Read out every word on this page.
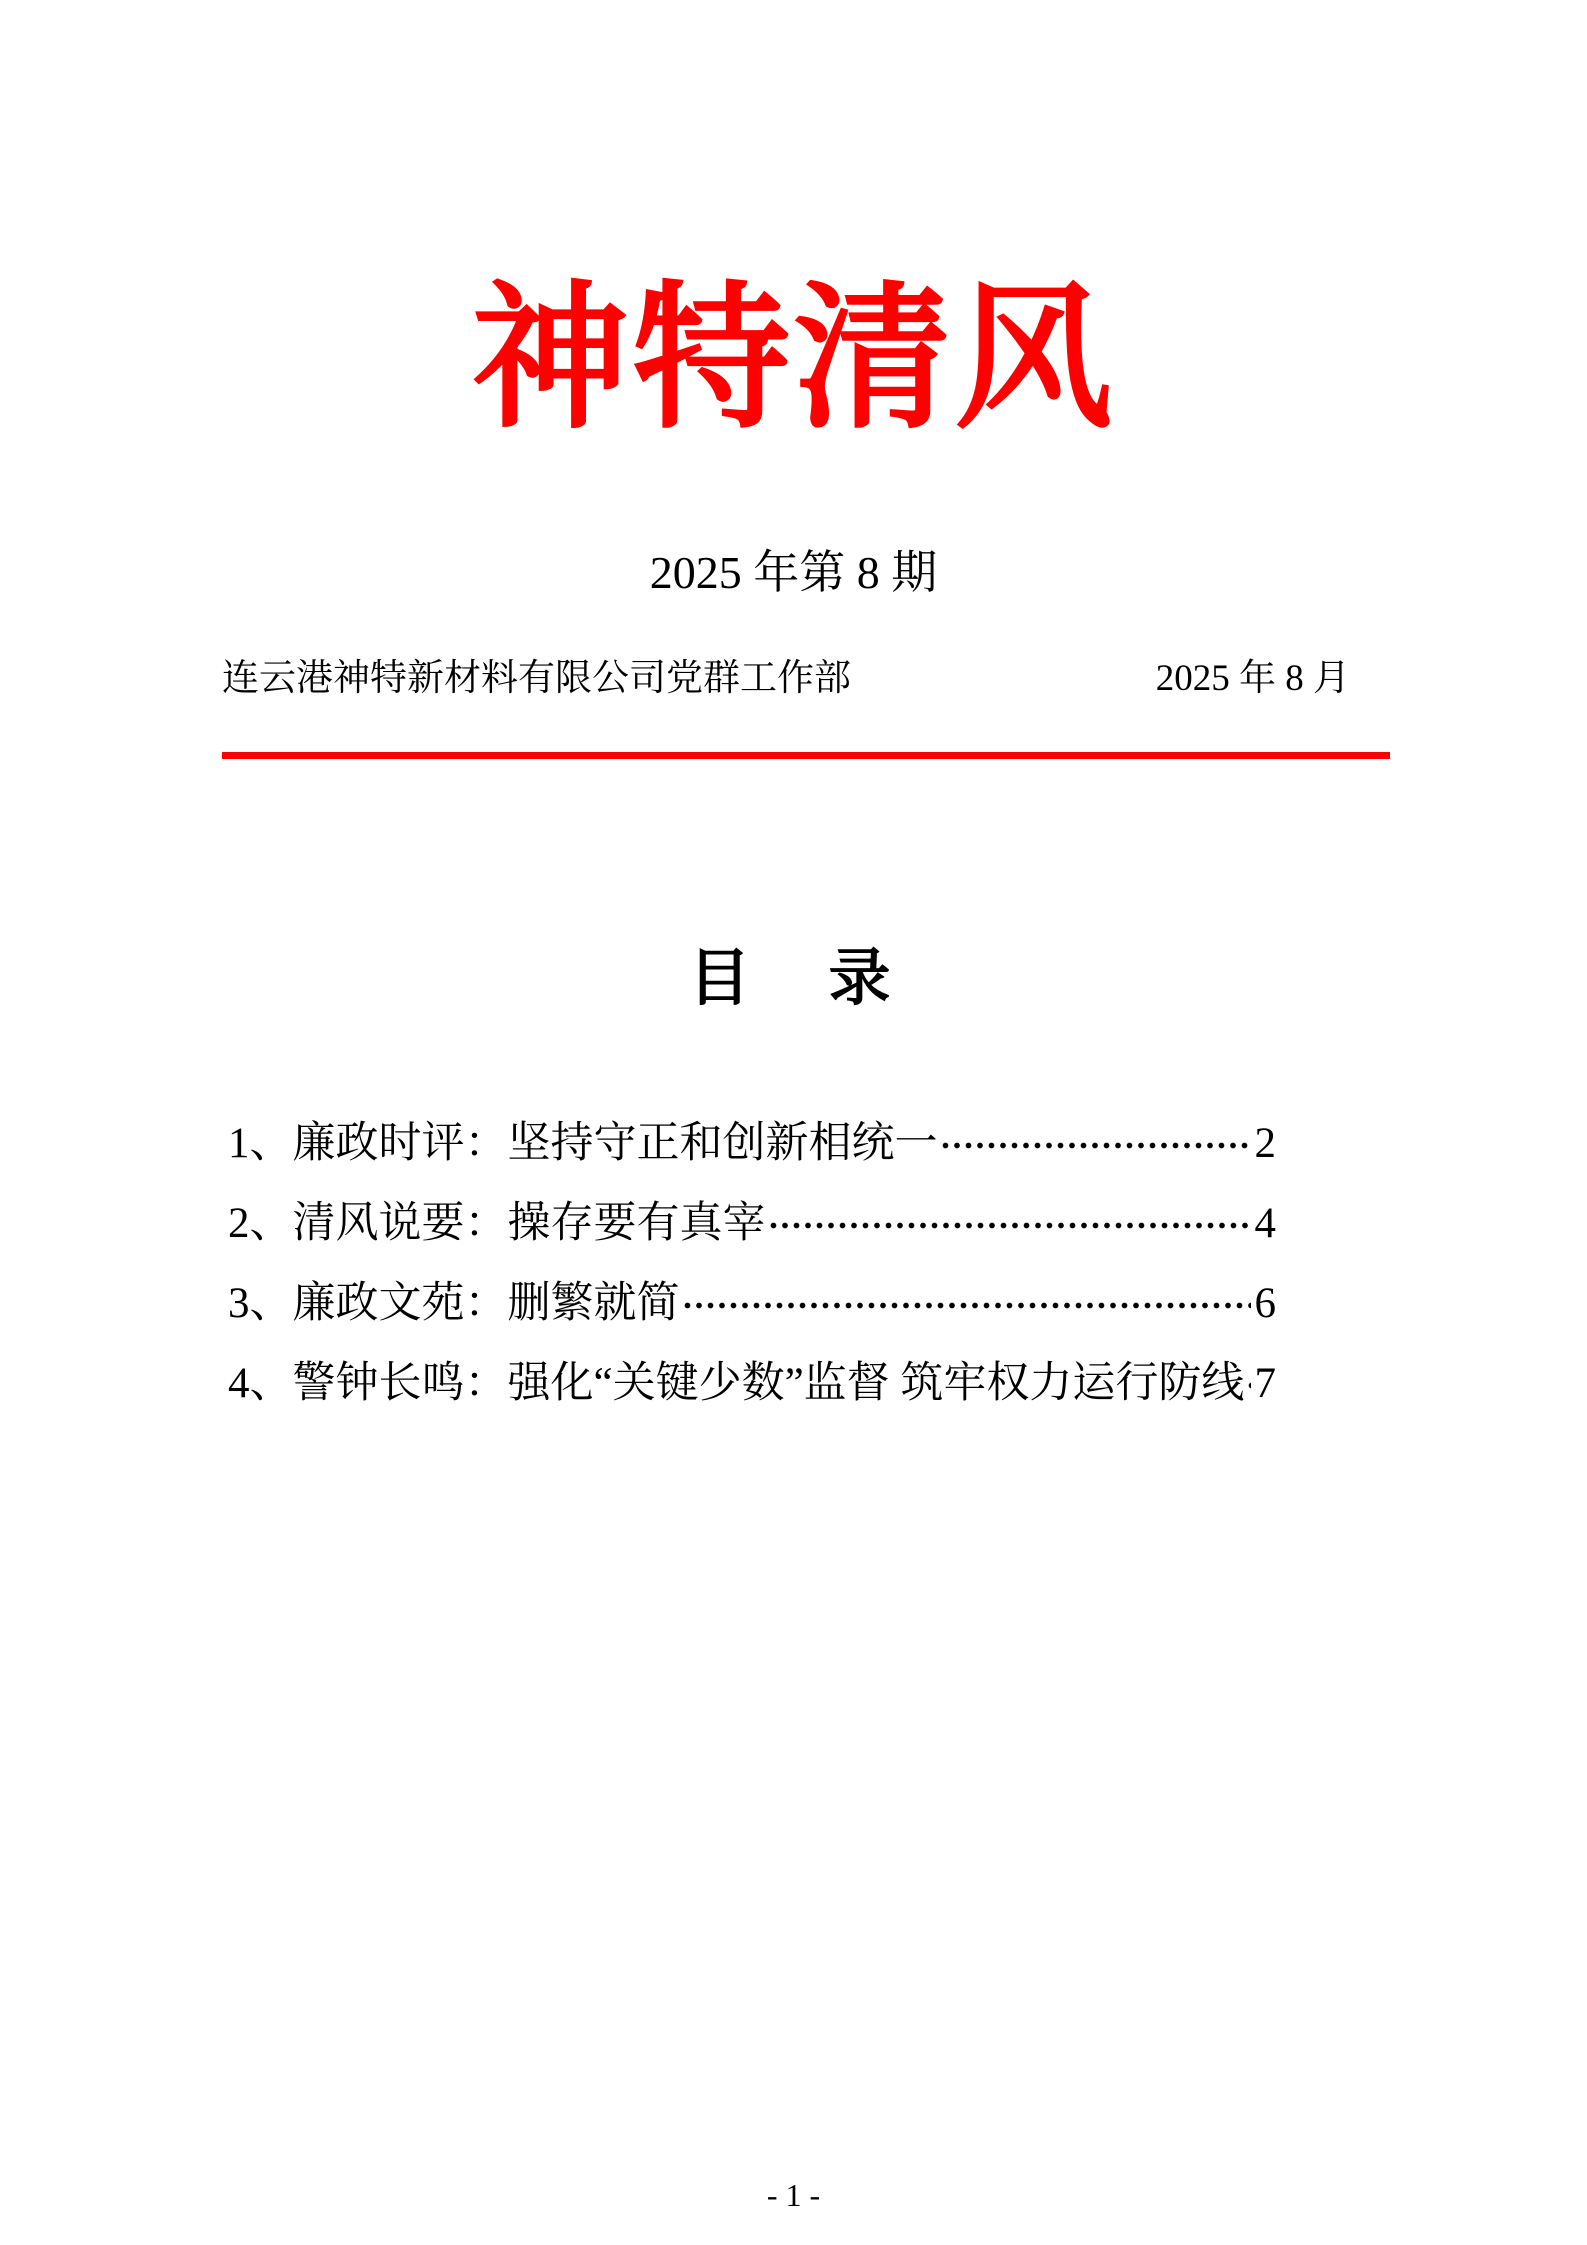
神特清风
2025 年第 8 期
连云港神特新材料有限公司党群工作部	2025 年 8 月
目　录
1、廉政时评：坚持守正和创新相统一	2
2、清风说要：操存要有真宰	4
3、廉政文苑：删繁就简	6
4、警钟长鸣：强化“关键少数”监督 筑牢权力运行防线 7
- 1 -
